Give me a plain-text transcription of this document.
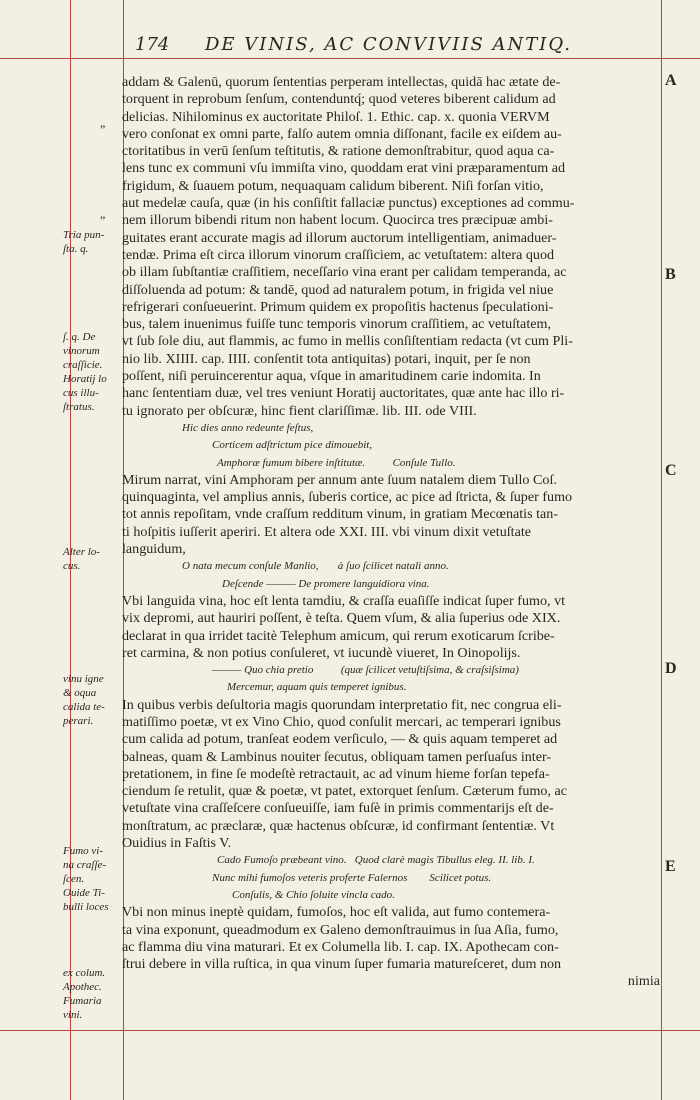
174 DE VINIS, AC CONVIVIIS ANTIQ.
”
”
addam & Galenū, quorum ſententias perperam intellectas, quidā hac ætate de-
torquent in reprobum ſenſum, contenduntq́; quod veteres biberent calidum ad
delicias. Nihilominus ex auctoritate Philoſ. 1. Ethic. cap. x. quonia VERVM
vero conſonat ex omni parte, falſo autem omnia diſſonant, facile ex eiſdem au-
ctoritatibus in verū ſenſum teſtitutis, & ratione demonſtrabitur, quod aqua ca-
lens tunc ex communi vſu immiſta vino, quoddam erat vini præparamentum ad
frigidum, & ſuauem potum, nequaquam calidum biberent. Niſi forſan vitio,
aut medelæ cauſa, quæ (in his conſiſtit fallaciæ punctus) exceptiones ad commu-
nem illorum bibendi ritum non habent locum. Quocirca tres præcipuæ ambi-
guitates erant accurate magis ad illorum auctorum intelligentiam, animaduer-
tendæ. Prima eſt circa illorum vinorum craſſiciem, ac vetuſtatem: altera quod
ob illam ſubſtantiæ craſſitiem, neceſſario vina erant per calidam temperanda, ac
diſſoluenda ad potum: & tandē, quod ad naturalem potum, in frigida vel niue
refrigerari conſueuerint. Primum quidem ex propoſitis hactenus ſpeculationi-
bus, talem inuenimus fuiſſe tunc temporis vinorum craſſitiem, ac vetuſtatem,
vt ſub ſole diu, aut flammis, ac fumo in mellis conſiſtentiam redacta (vt cum Pli-
nio lib. XIIII. cap. IIII. conſentit tota antiquitas) potari, inquit, per ſe non
poſſent, niſi peruincerentur aqua, vſque in amaritudinem carie indomita. In
hanc ſententiam duæ, vel tres veniunt Horatij auctoritates, quæ ante hac illo ri-
tu ignorato per obſcuræ, hinc fient clariſſimæ. lib. III. ode VIII.
Hic dies anno redeunte feſtus,
Corticem adſtrictum pice dimouebit,
Amphoræ fumum bibere inſtitutæ.          Conſule Tullo.
Mirum narrat, vini Amphoram per annum ante ſuum natalem diem Tullo Coſ.
quinquaginta, vel amplius annis, ſuberis cortice, ac pice ad ſtricta, & ſuper fumo
tot annis repoſitam, vnde craſſum redditum vinum, in gratiam Mecœnatis tan-
ti hoſpitis iuſſerit aperiri. Et altera ode XXI. III. vbi vinum dixit vetuſtate
languidum,
O nata mecum conſule Manlio,       à ſuo ſcilicet natali anno.
Deſcende ——— De promere languidiora vina.
Vbi languida vina, hoc eſt lenta tamdiu, & craſſa euaſiſſe indicat ſuper fumo, vt
vix depromi, aut hauriri poſſent, è teſta. Quem vſum, & alia ſuperius ode XIX.
declarat in qua irridet tacitè Telephum amicum, qui rerum exoticarum ſcribe-
ret carmina, & non potius conſuleret, vt iucundè viueret, In Oinopolijs.
——— Quo chia pretio          (quæ ſcilicet vetuſtiſsima, & craſsiſsima)
Mercemur, aquam quis temperet ignibus.
In quibus verbis deſultoria magis quorundam interpretatio fit, nec congrua eli-
matiſſimo poetæ, vt ex Vino Chio, quod conſulit mercari, ac temperari ignibus
cum calida ad potum, tranſeat eodem verſiculo, — & quis aquam temperet ad
balneas, quam & Lambinus nouiter ſecutus, obliquam tamen perſuaſus inter-
pretationem, in fine ſe modeſtè retractauit, ac ad vinum hieme forſan tepefa-
ciendum ſe retulit, quæ & poetæ, vt patet, extorquet ſenſum. Cæterum fumo, ac
vetuſtate vina craſſeſcere conſueuiſſe, iam fuſè in primis commentarijs eſt de-
monſtratum, ac præclaræ, quæ hactenus obſcuræ, id confirmant ſententiæ. Vt
Ouidius in Faſtis V.
Cado Fumoſo præbeant vino.   Quod clarè magis Tibullus eleg. II. lib. I.
Nunc mihi fumoſos veteris proferte Falernos        Scilicet potus.
Conſulis, & Chio ſoluite vincla cado.
Vbi non minus ineptè quidam, fumoſos, hoc eſt valida, aut fumo contemera-
ta vina exponunt, queadmodum ex Galeno demonſtrauimus in ſua Aſia, fumo,
ac flamma diu vina maturari. Et ex Columella lib. I. cap. IX. Apothecam con-
ſtrui debere in villa ruſtica, in qua vinum ſuper fumaria matureſceret, dum non
nimia
Tria pun-
ſta. q.
ſ. q. De
vinorum
craſſicie.
Horatij lo
cus illu-
ſtratus.
Alter lo-
cus.
vinu igne
& oqua
calida te-
perari.
Fumo vi-
na craſſe-
ſcen.
Ouide Ti-
bulli loces
ex colum.
Apothec.
Fumaria
vini.
A
B
C
D
E
